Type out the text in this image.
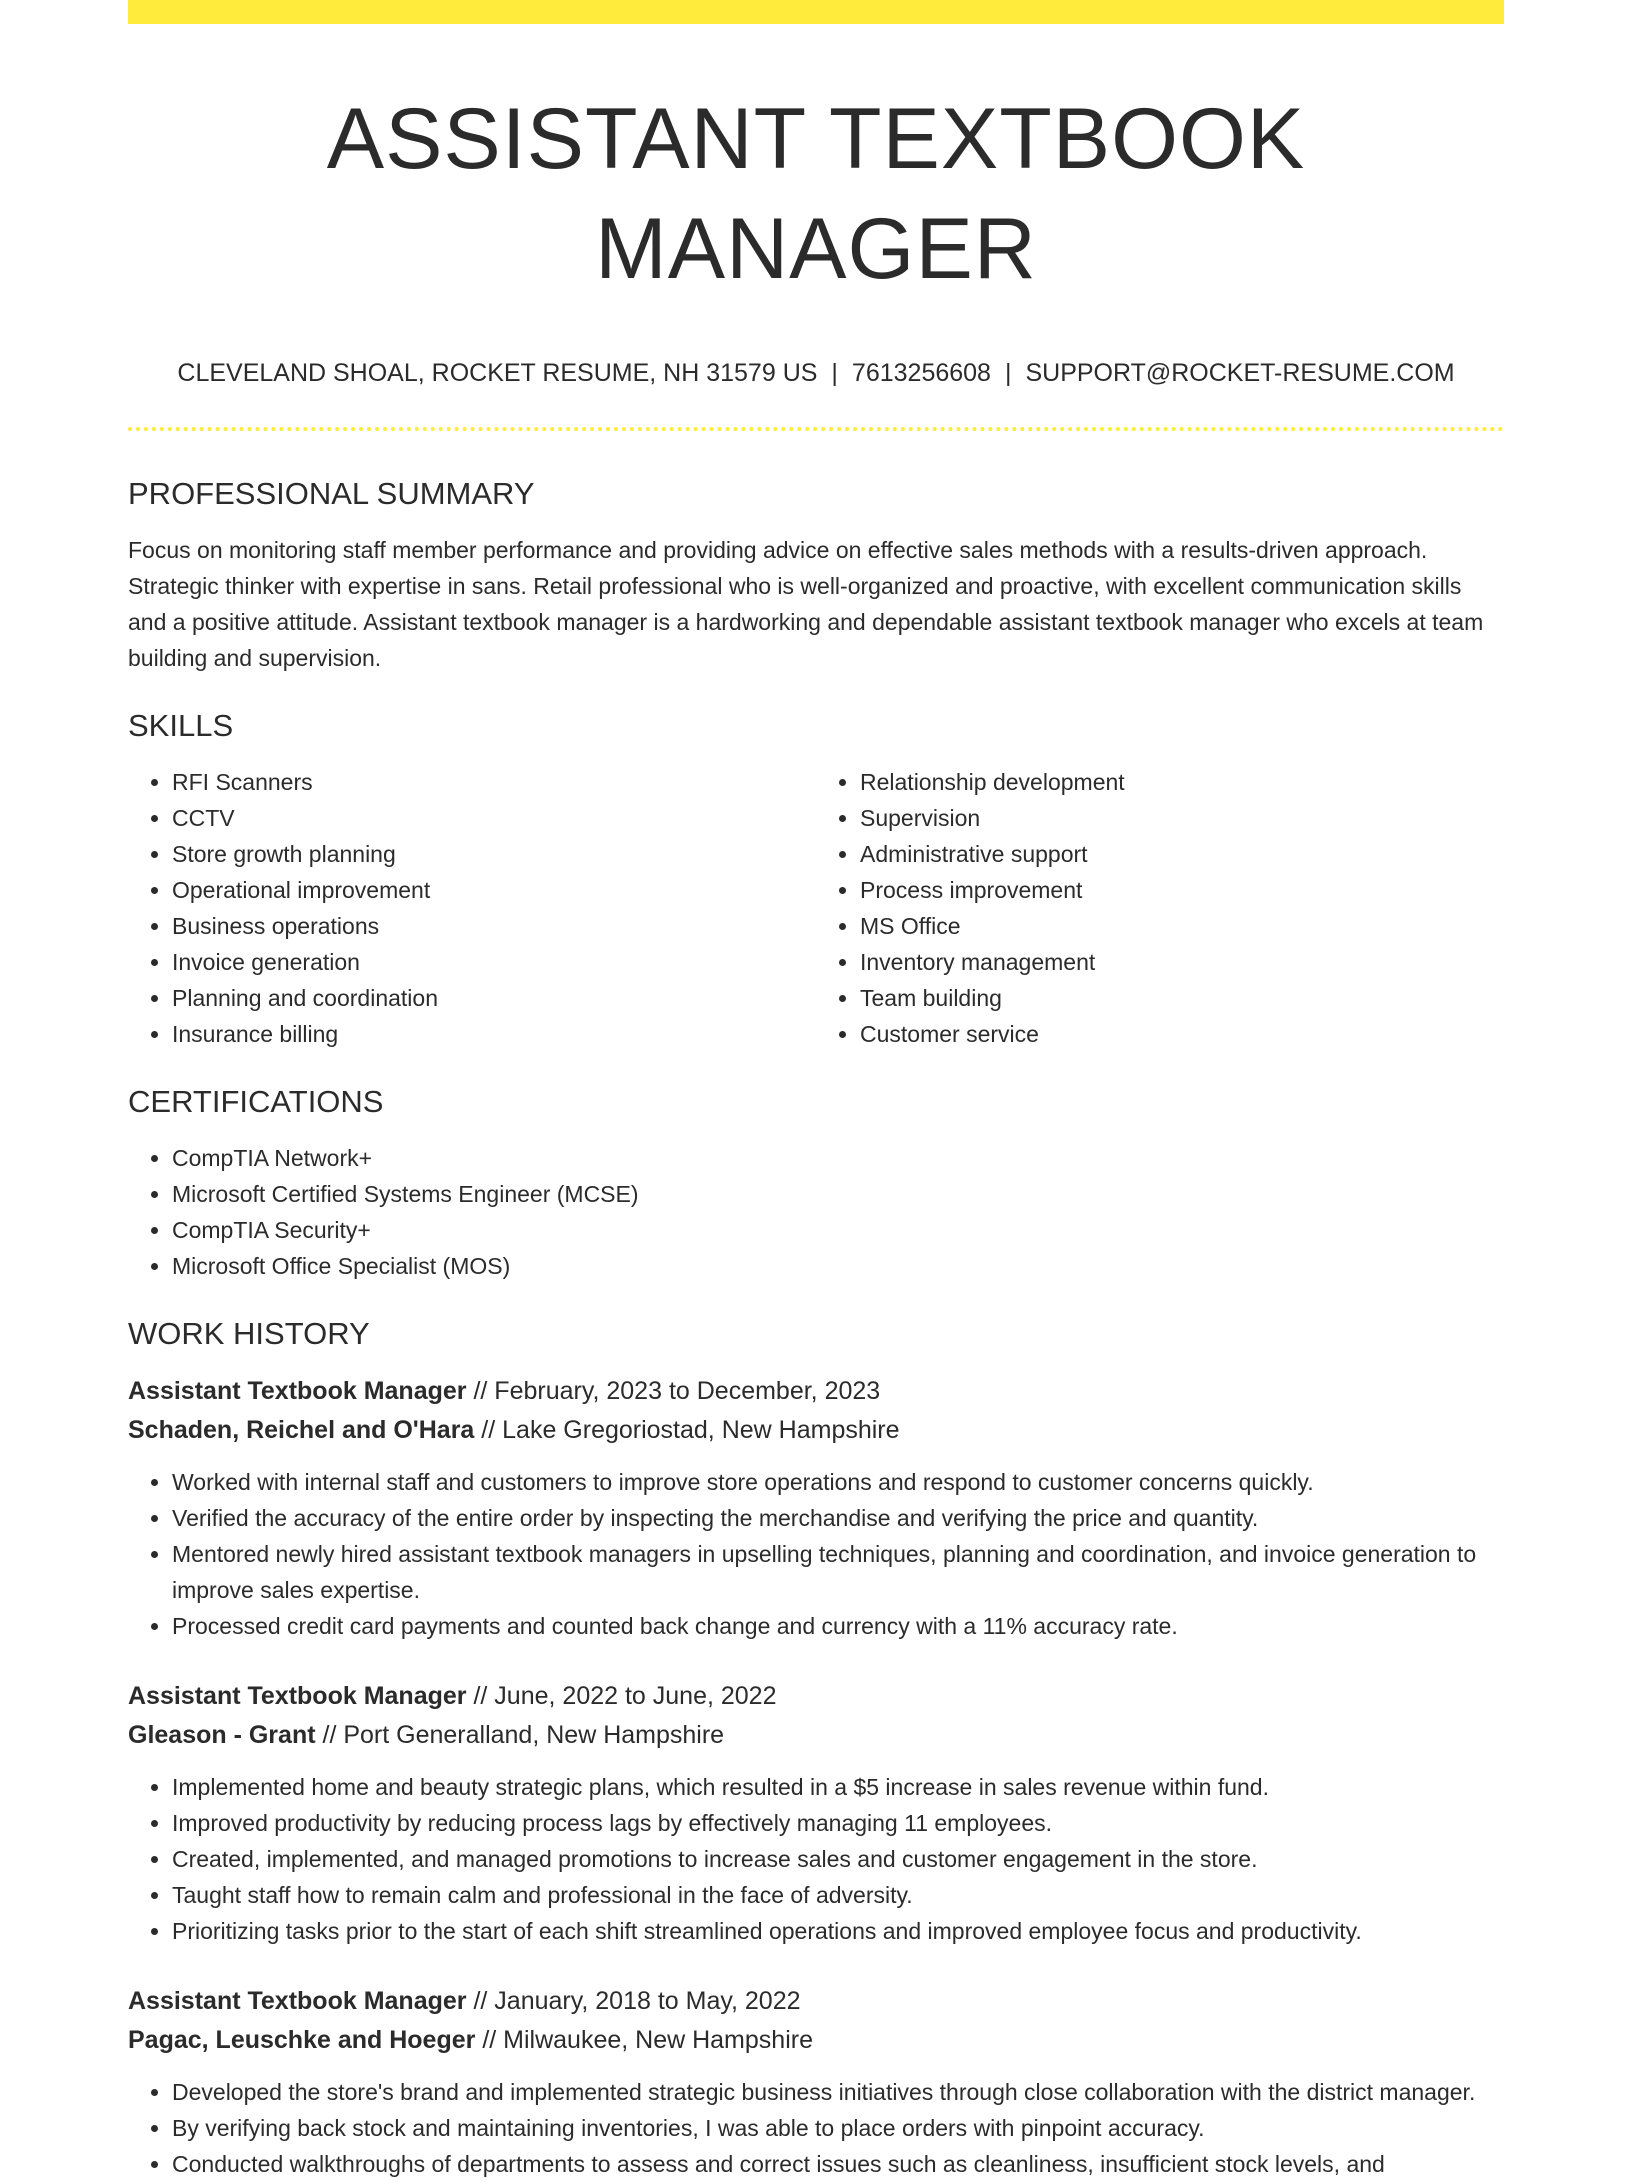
ASSISTANT TEXTBOOK MANAGER
CLEVELAND SHOAL, ROCKET RESUME, NH 31579 US | 7613256608 | SUPPORT@ROCKET-RESUME.COM
PROFESSIONAL SUMMARY
Focus on monitoring staff member performance and providing advice on effective sales methods with a results-driven approach. Strategic thinker with expertise in sans. Retail professional who is well-organized and proactive, with excellent communication skills and a positive attitude. Assistant textbook manager is a hardworking and dependable assistant textbook manager who excels at team building and supervision.
SKILLS
• RFI Scanners
• CCTV
• Store growth planning
• Operational improvement
• Business operations
• Invoice generation
• Planning and coordination
• Insurance billing
• Relationship development
• Supervision
• Administrative support
• Process improvement
• MS Office
• Inventory management
• Team building
• Customer service
CERTIFICATIONS
• CompTIA Network+
• Microsoft Certified Systems Engineer (MCSE)
• CompTIA Security+
• Microsoft Office Specialist (MOS)
WORK HISTORY
Assistant Textbook Manager // February, 2023 to December, 2023
Schaden, Reichel and O'Hara // Lake Gregoriostad, New Hampshire
• Worked with internal staff and customers to improve store operations and respond to customer concerns quickly.
• Verified the accuracy of the entire order by inspecting the merchandise and verifying the price and quantity.
• Mentored newly hired assistant textbook managers in upselling techniques, planning and coordination, and invoice generation to improve sales expertise.
• Processed credit card payments and counted back change and currency with a 11% accuracy rate.
Assistant Textbook Manager // June, 2022 to June, 2022
Gleason - Grant // Port Generalland, New Hampshire
• Implemented home and beauty strategic plans, which resulted in a $5 increase in sales revenue within fund.
• Improved productivity by reducing process lags by effectively managing 11 employees.
• Created, implemented, and managed promotions to increase sales and customer engagement in the store.
• Taught staff how to remain calm and professional in the face of adversity.
• Prioritizing tasks prior to the start of each shift streamlined operations and improved employee focus and productivity.
Assistant Textbook Manager // January, 2018 to May, 2022
Pagac, Leuschke and Hoeger // Milwaukee, New Hampshire
• Developed the store's brand and implemented strategic business initiatives through close collaboration with the district manager.
• By verifying back stock and maintaining inventories, I was able to place orders with pinpoint accuracy.
• Conducted walkthroughs of departments to assess and correct issues such as cleanliness, insufficient stock levels, and
